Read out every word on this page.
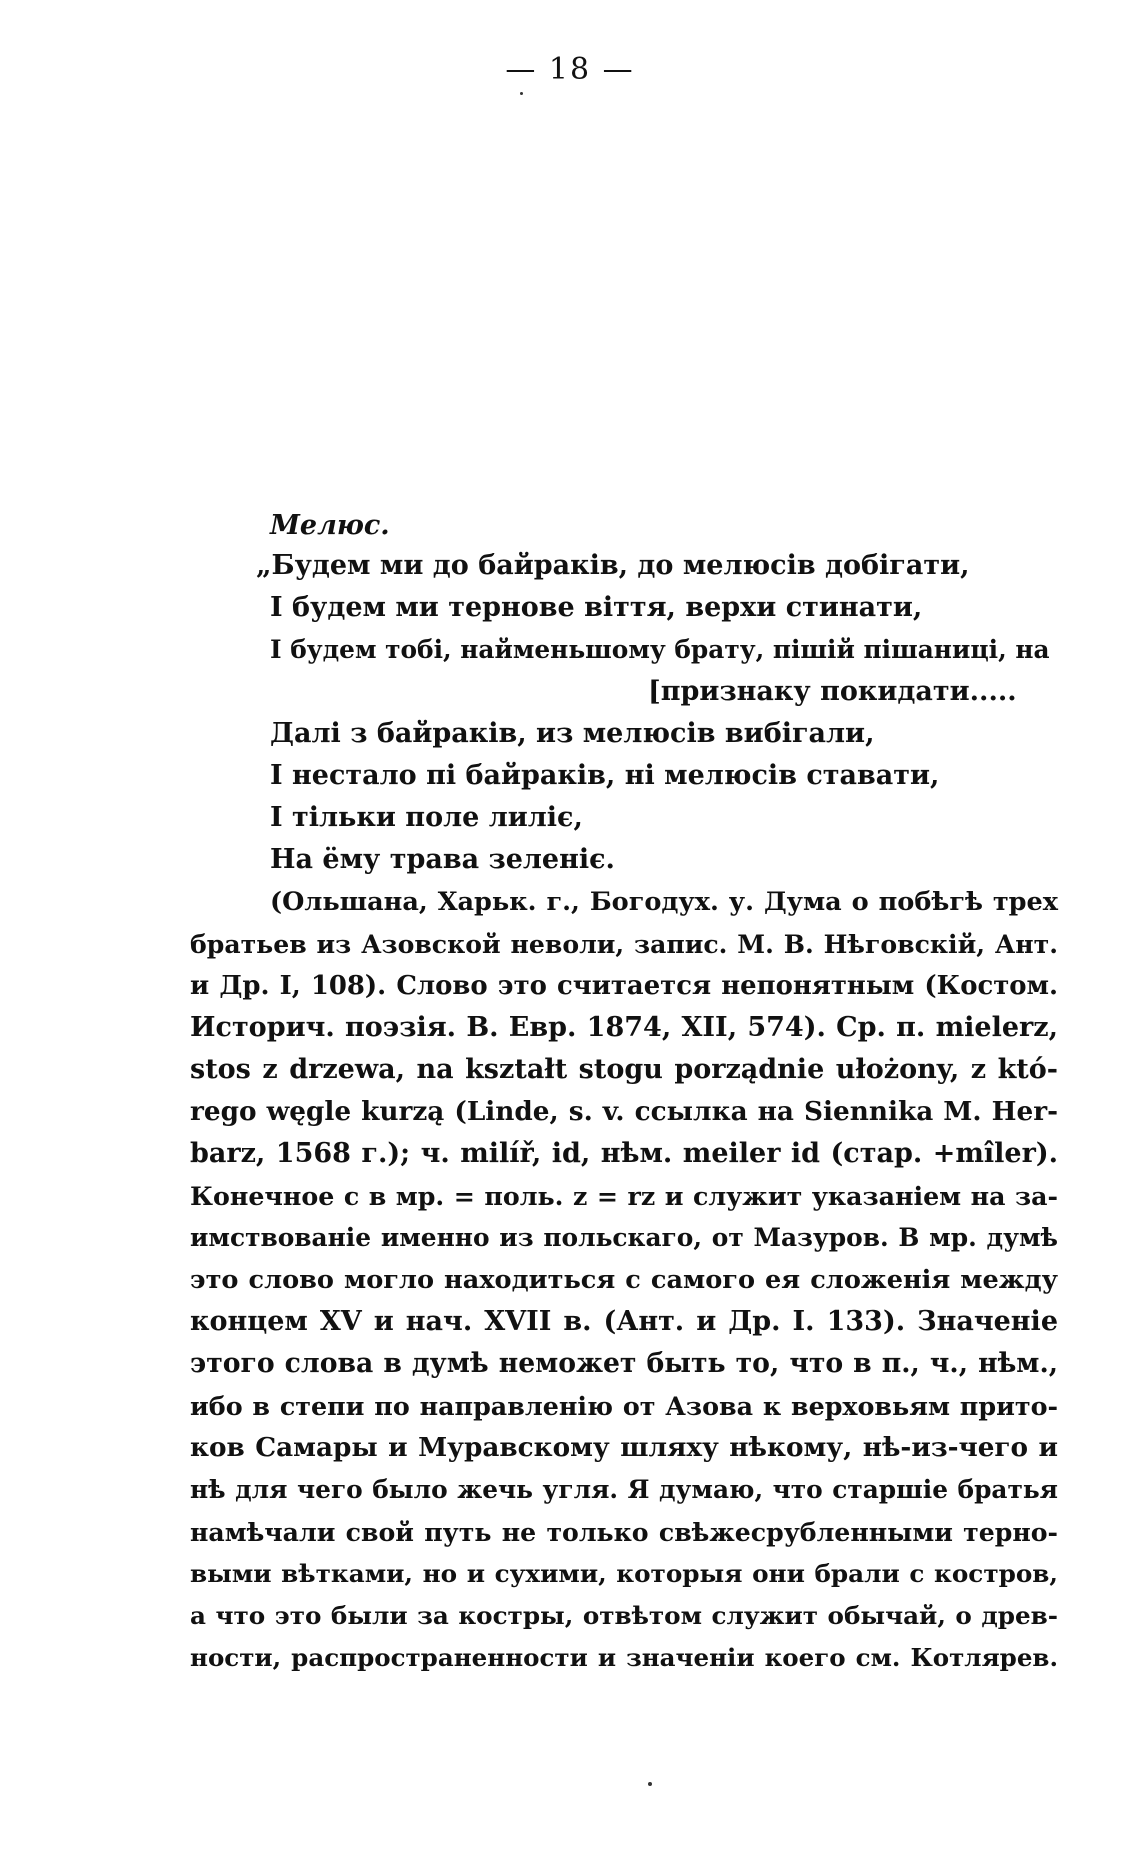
— 18 —
Мелюс.
„Будем ми до байраків, до мелюсів добігати,
I будем ми тернове віття, верхи стинати,
I будем тобі, найменьшому брату, пішій пішаниці, на
[признаку покидати.....
Далі з байраків, из мелюсів вибігали,
I нестало пі байраків, ні мелюсів ставати,
I тільки поле лиліє,
На ёму трава зеленіє.
(Ольшана, Харьк. г., Богодух. у. Дума о побѣгѣ трех
братьев из Азовской неволи, запис. М. В. Нѣговскій, Ант.
и Др. I, 108). Слово это считается непонятным (Костом.
Историч. поэзія. В. Евр. 1874, XII, 574). Ср. п. mielerz,
stos z drzewa, na kształt stogu porządnie ułożony, z któ-
rego węgle kurzą (Linde, s. v. ссылка на Siennika M. Her-
barz, 1568 г.); ч. milíř, id, нѣм. meiler id (стар. +mîler).
Конечное c в мр. = поль. z = rz и служит указаніем на за-
имствованіе именно из польскаго, от Мазуров. В мр. думѣ
это слово могло находиться с самого ея сложенія между
концем XV и нач. XVII в. (Ант. и Др. I. 133). Значеніе
этого слова в думѣ неможет быть то, что в п., ч., нѣм.,
ибо в степи по направленію от Азова к верховьям прито-
ков Самары и Муравскому шляху нѣкому, нѣ-из-чего и
нѣ для чего было жечь угля. Я думаю, что старшіе братья
намѣчали свой путь не только свѣжесрубленными терно-
выми вѣтками, но и сухими, которыя они брали с костров,
а что это были за костры, отвѣтом служит обычай, о древ-
ности, распространенности и значеніи коего см. Котлярев.
